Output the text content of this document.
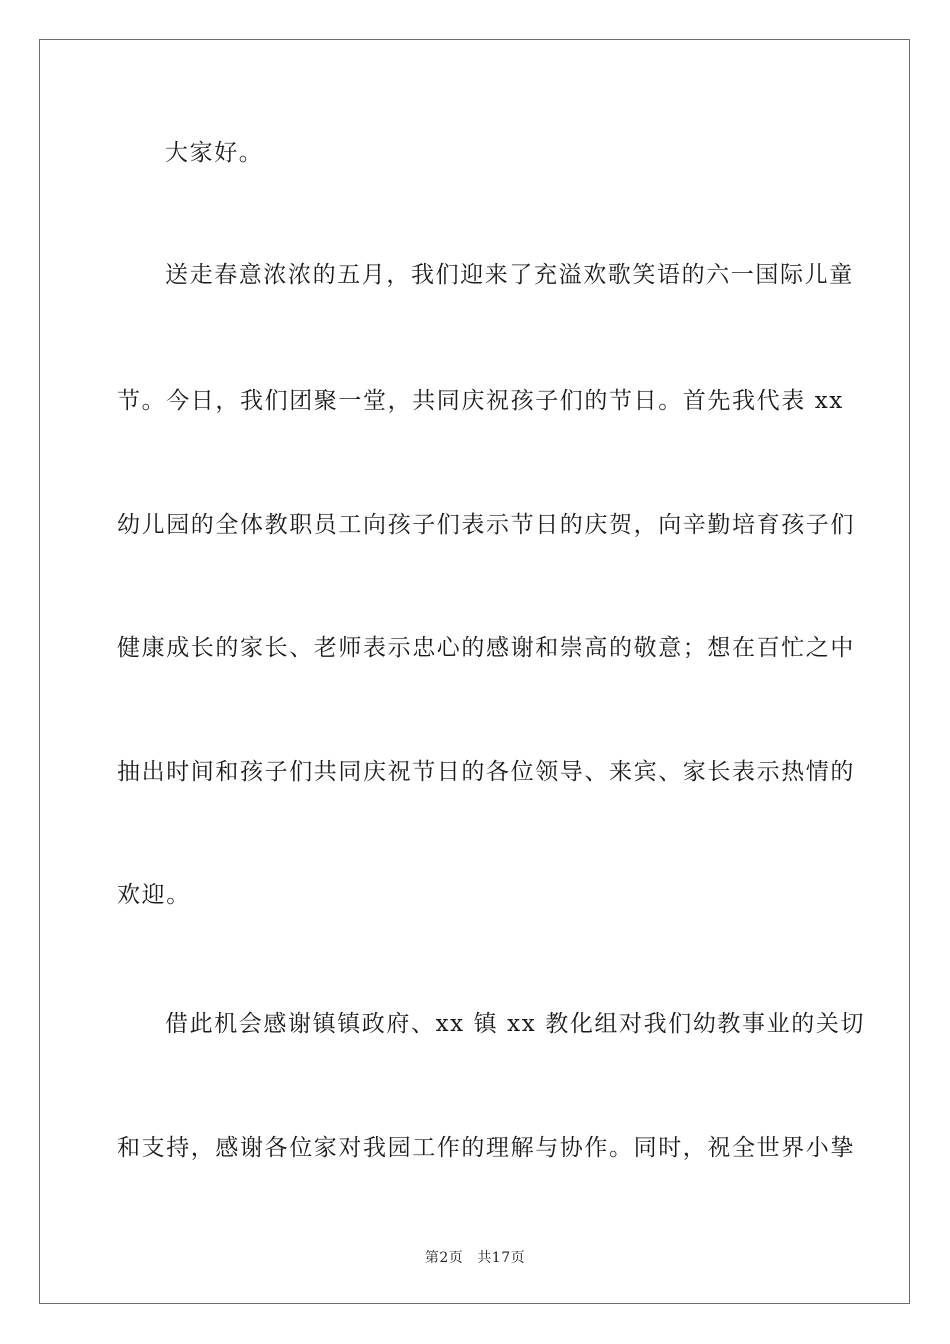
大家好。
送走春意浓浓的五月，我们迎来了充溢欢歌笑语的六一国际儿童
节。今日，我们团聚一堂，共同庆祝孩子们的节日。首先我代表 xx
幼儿园的全体教职员工向孩子们表示节日的庆贺，向辛勤培育孩子们
健康成长的家长、老师表示忠心的感谢和崇高的敬意；想在百忙之中
抽出时间和孩子们共同庆祝节日的各位领导、来宾、家长表示热情的
欢迎。
借此机会感谢镇镇政府、xx 镇 xx 教化组对我们幼教事业的关切
和支持，感谢各位家对我园工作的理解与协作。同时，祝全世界小挚
第2页 共17页
